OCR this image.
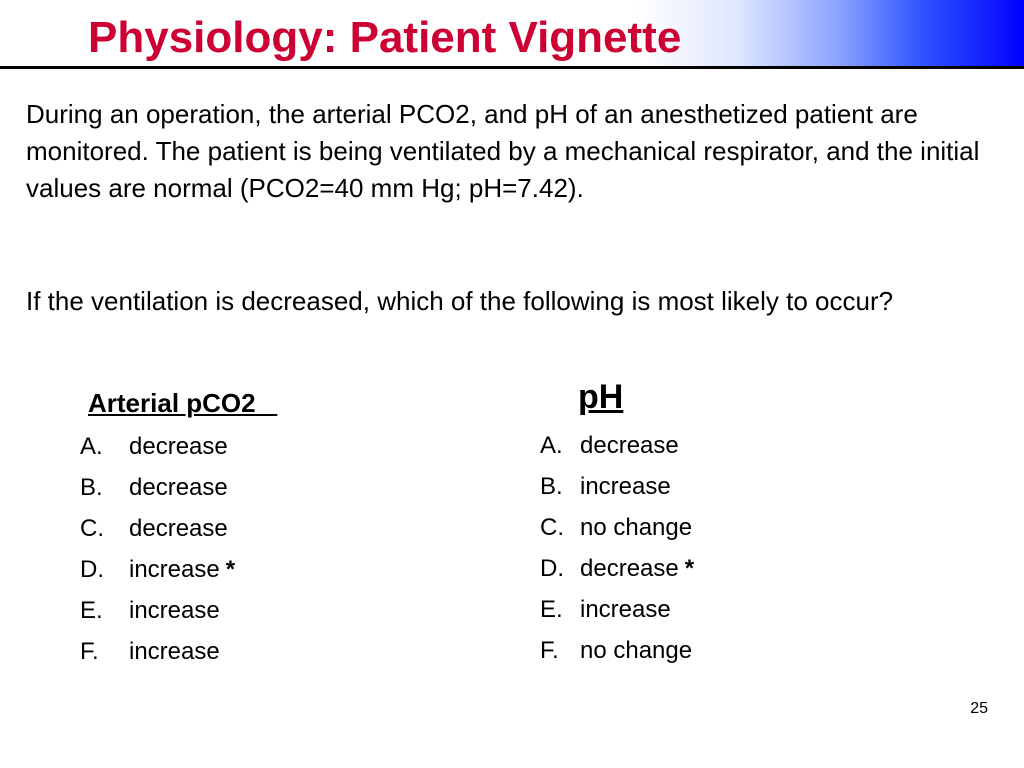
Physiology: Patient Vignette

During an operation, the arterial PCO2, and pH of an anesthetized patient are monitored. The patient is being ventilated by a mechanical respirator, and the initial values are normal (PCO2=40 mm Hg; pH=7.42).

If the ventilation is decreased, which of the following is most likely to occur?

Arterial pCO2	pH
A. decrease
B. decrease
C. decrease
D. increase *
E. increase
F. increase
A. decrease
B. increase
C. no change
D. decrease *
E. increase
F. no change
25
